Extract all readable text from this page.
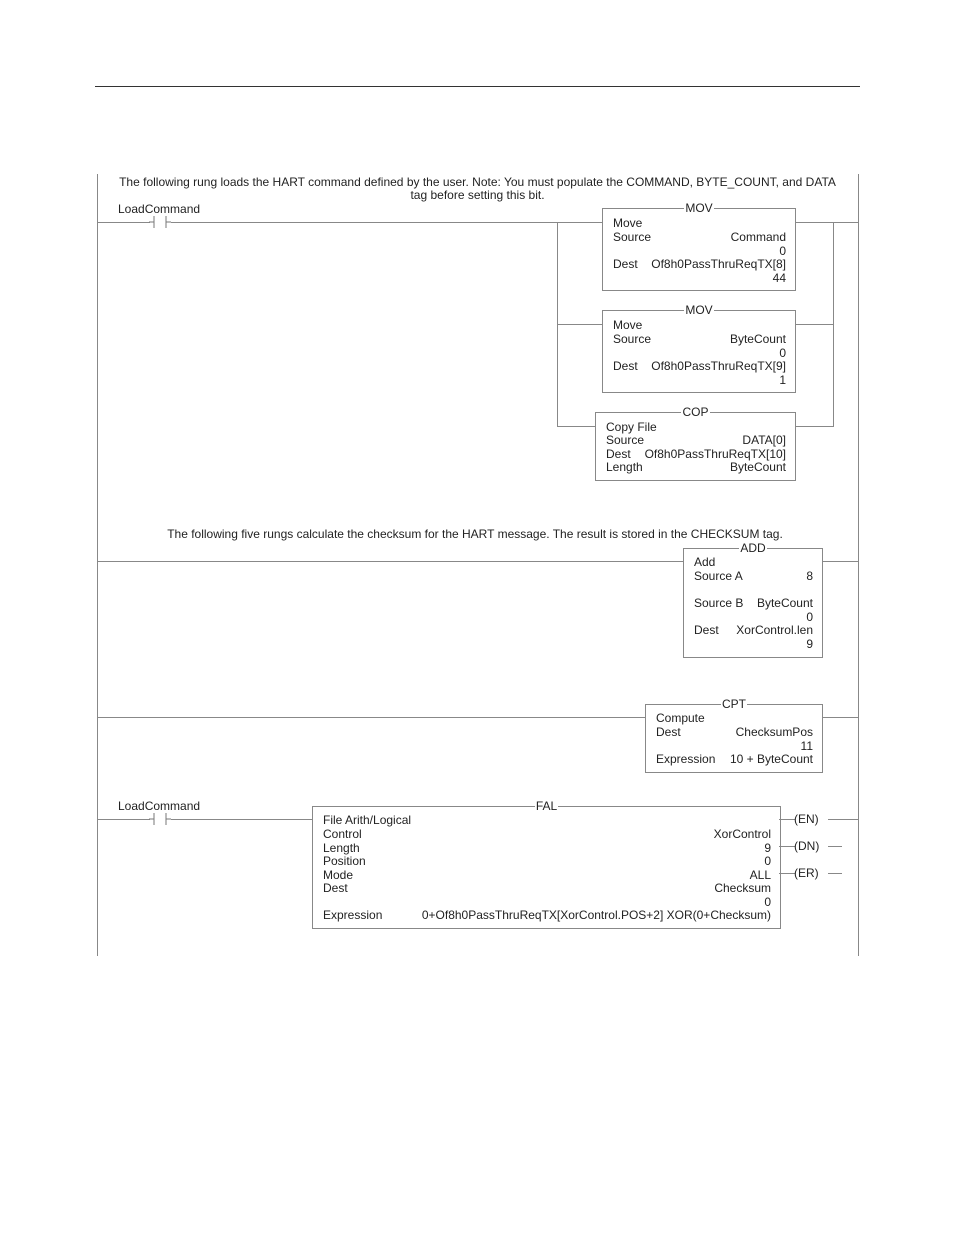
The following rung loads the HART command defined by the user. Note: You must populate the COMMAND, BYTE_COUNT, and DATA
tag before setting this bit.
LoadCommand	MOV
Move
Source	Command
0
Dest Of8h0PassThruReqTX[8]
44
MOV
Move
Source	ByteCount
0
Dest Of8h0PassThruReqTX[9]
1
COP
Copy File
Source	DATA[0]
Dest Of8h0PassThruReqTX[10]
Length	ByteCount
The following five rungs calculate the checksum for the HART message. The result is stored in the CHECKSUM tag.
ADD
Add
Source A	8
Source B ByteCount
0
Dest XorControl.len
9
CPT
Compute
Dest	ChecksumPos
11
Expression 10 + ByteCount
LoadCommand	FAL
File Arith/Logical
Control	XorControl
Length	9
Position	0
Mode	ALL
Dest	Checksum
0
Expression	0+Of8h0PassThruReqTX[XorControl.POS+2] XOR(0+Checksum)
(EN)
(DN)
(ER)
